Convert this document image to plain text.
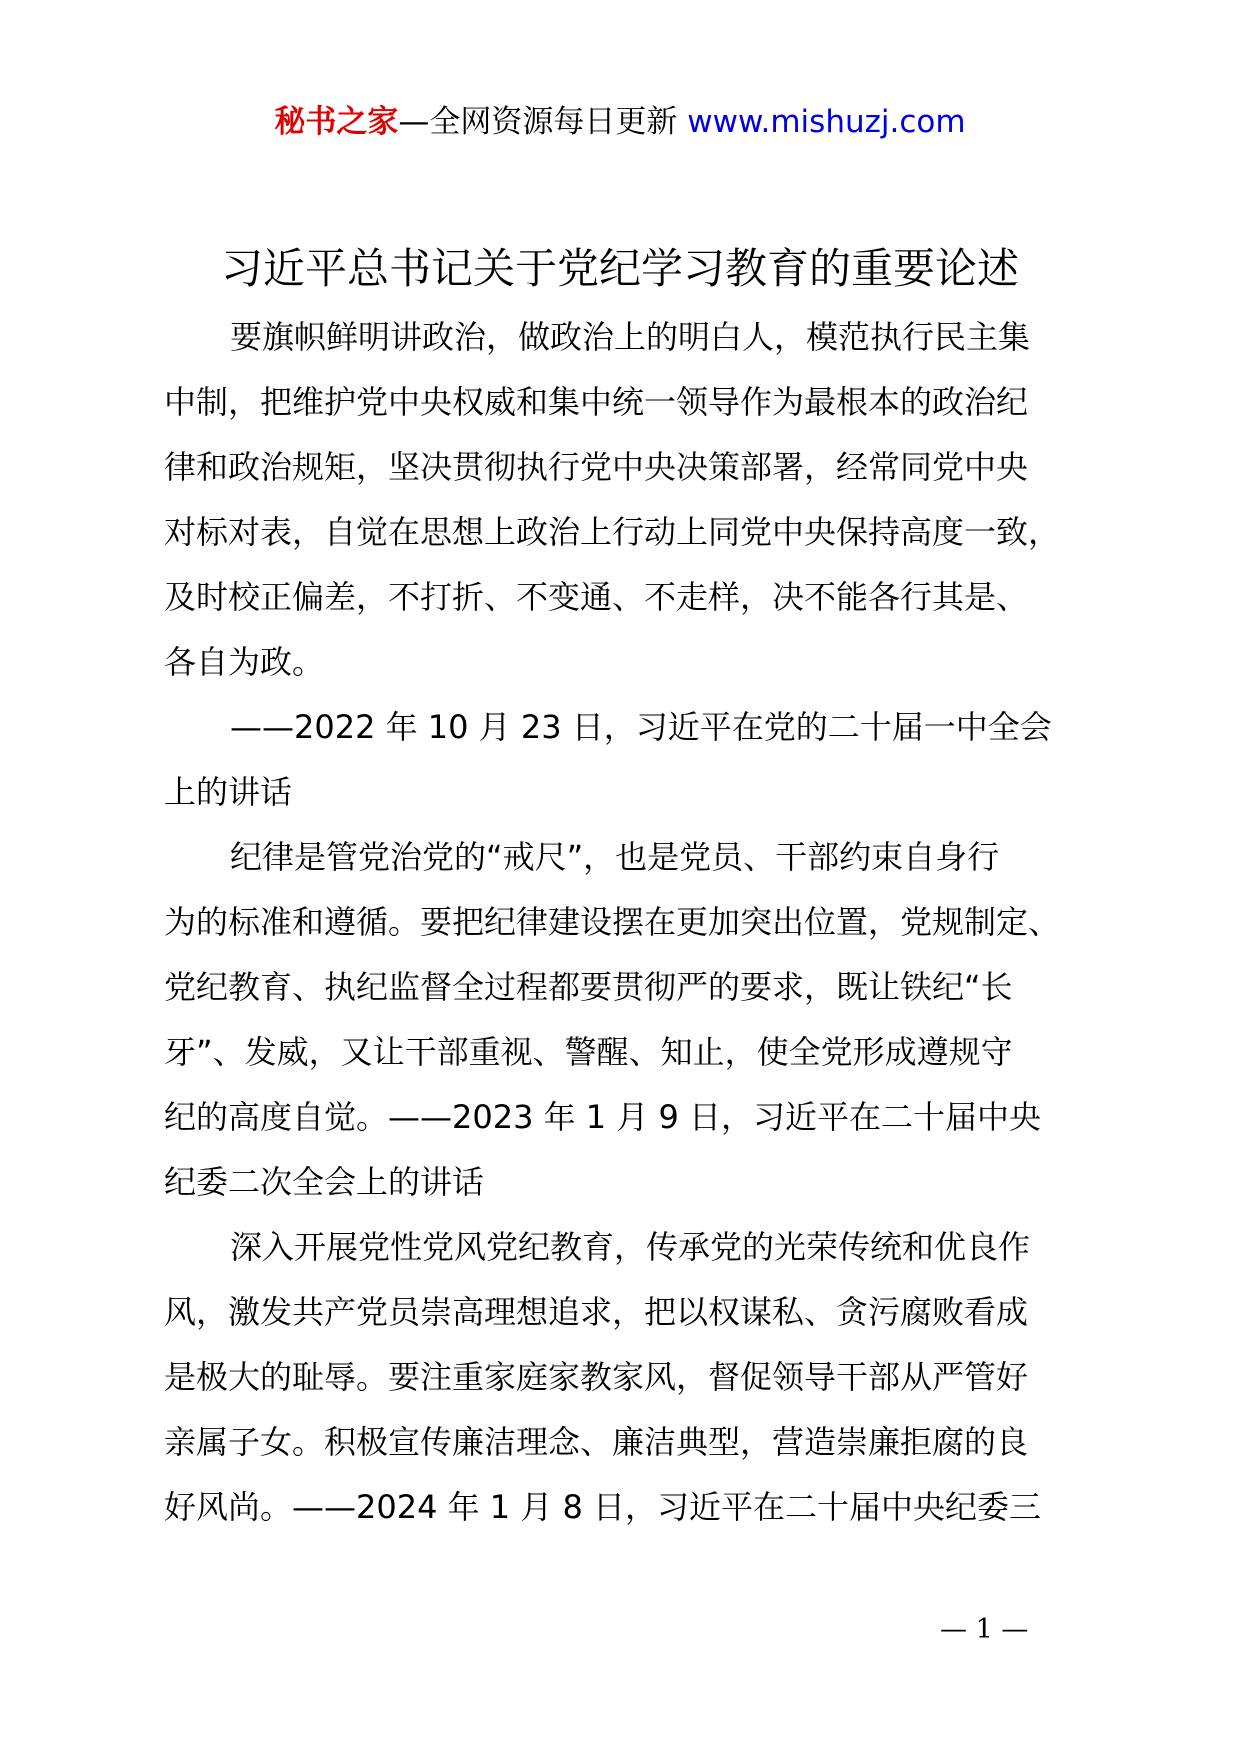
秘书之家—全网资源每日更新 www.mishuzj.com
习近平总书记关于党纪学习教育的重要论述
要旗帜鲜明讲政治，做政治上的明白人，模范执行民主集
中制，把维护党中央权威和集中统一领导作为最根本的政治纪
律和政治规矩，坚决贯彻执行党中央决策部署，经常同党中央
对标对表，自觉在思想上政治上行动上同党中央保持高度一致，
及时校正偏差，不打折、不变通、不走样，决不能各行其是、
各自为政。
——2022 年 10 月 23 日，习近平在党的二十届一中全会
上的讲话
纪律是管党治党的“戒尺”，也是党员、干部约束自身行
为的标准和遵循。要把纪律建设摆在更加突出位置，党规制定、
党纪教育、执纪监督全过程都要贯彻严的要求，既让铁纪“长
牙”、发威，又让干部重视、警醒、知止，使全党形成遵规守
纪的高度自觉。——2023 年 1 月 9 日，习近平在二十届中央
纪委二次全会上的讲话
深入开展党性党风党纪教育，传承党的光荣传统和优良作
风，激发共产党员崇高理想追求，把以权谋私、贪污腐败看成
是极大的耻辱。要注重家庭家教家风，督促领导干部从严管好
亲属子女。积极宣传廉洁理念、廉洁典型，营造崇廉拒腐的良
好风尚。——2024 年 1 月 8 日，习近平在二十届中央纪委三
— 1 —
